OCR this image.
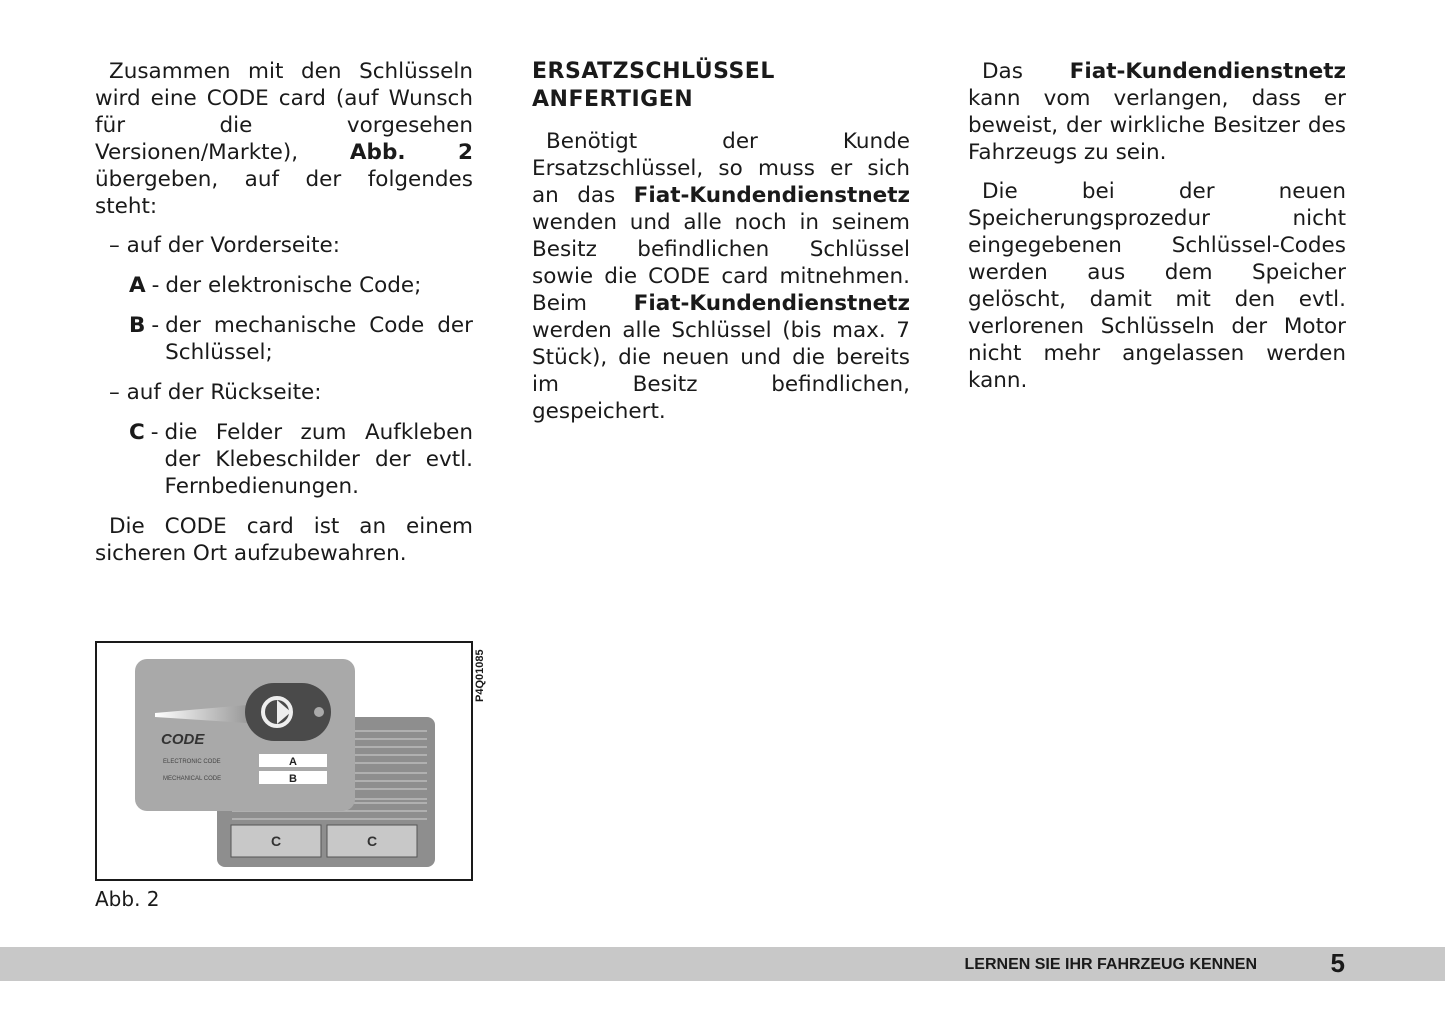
Zusammen mit den Schlüsseln wird eine CODE card (auf Wunsch für die vorgesehen Versionen/Markte), Abb. 2 übergeben, auf der folgendes steht:

– auf der Vorderseite:
A - der elektronische Code;
B - der mechanische Code der Schlüssel;
– auf der Rückseite:
C - die Felder zum Aufkleben der Klebeschilder der evtl. Fernbedienungen.

Die CODE card ist an einem sicheren Ort aufzubewahren.

ERSATZSCHLÜSSEL
ANFERTIGEN

Benötigt der Kunde Ersatzschlüssel, so muss er sich an das Fiat-Kundendienstnetz wenden und alle noch in seinem Besitz befindlichen Schlüssel sowie die CODE card mitnehmen. Beim Fiat-Kundendienstnetz werden alle Schlüssel (bis max. 7 Stück), die neuen und die bereits im Besitz befindlichen, gespeichert.

Das Fiat-Kundendienstnetz kann vom verlangen, dass er beweist, der wirkliche Besitzer des Fahrzeugs zu sein.

Die bei der neuen Speicherungsprozedur nicht eingegebenen Schlüssel-Codes werden aus dem Speicher gelöscht, damit mit den evtl. verlorenen Schlüsseln der Motor nicht mehr angelassen werden kann.

C	C
CODE
ELECTRONIC CODE
MECHANICAL CODE
A
B
P4Q01085
Abb. 2
LERNEN SIE IHR FAHRZEUG KENNEN	5
